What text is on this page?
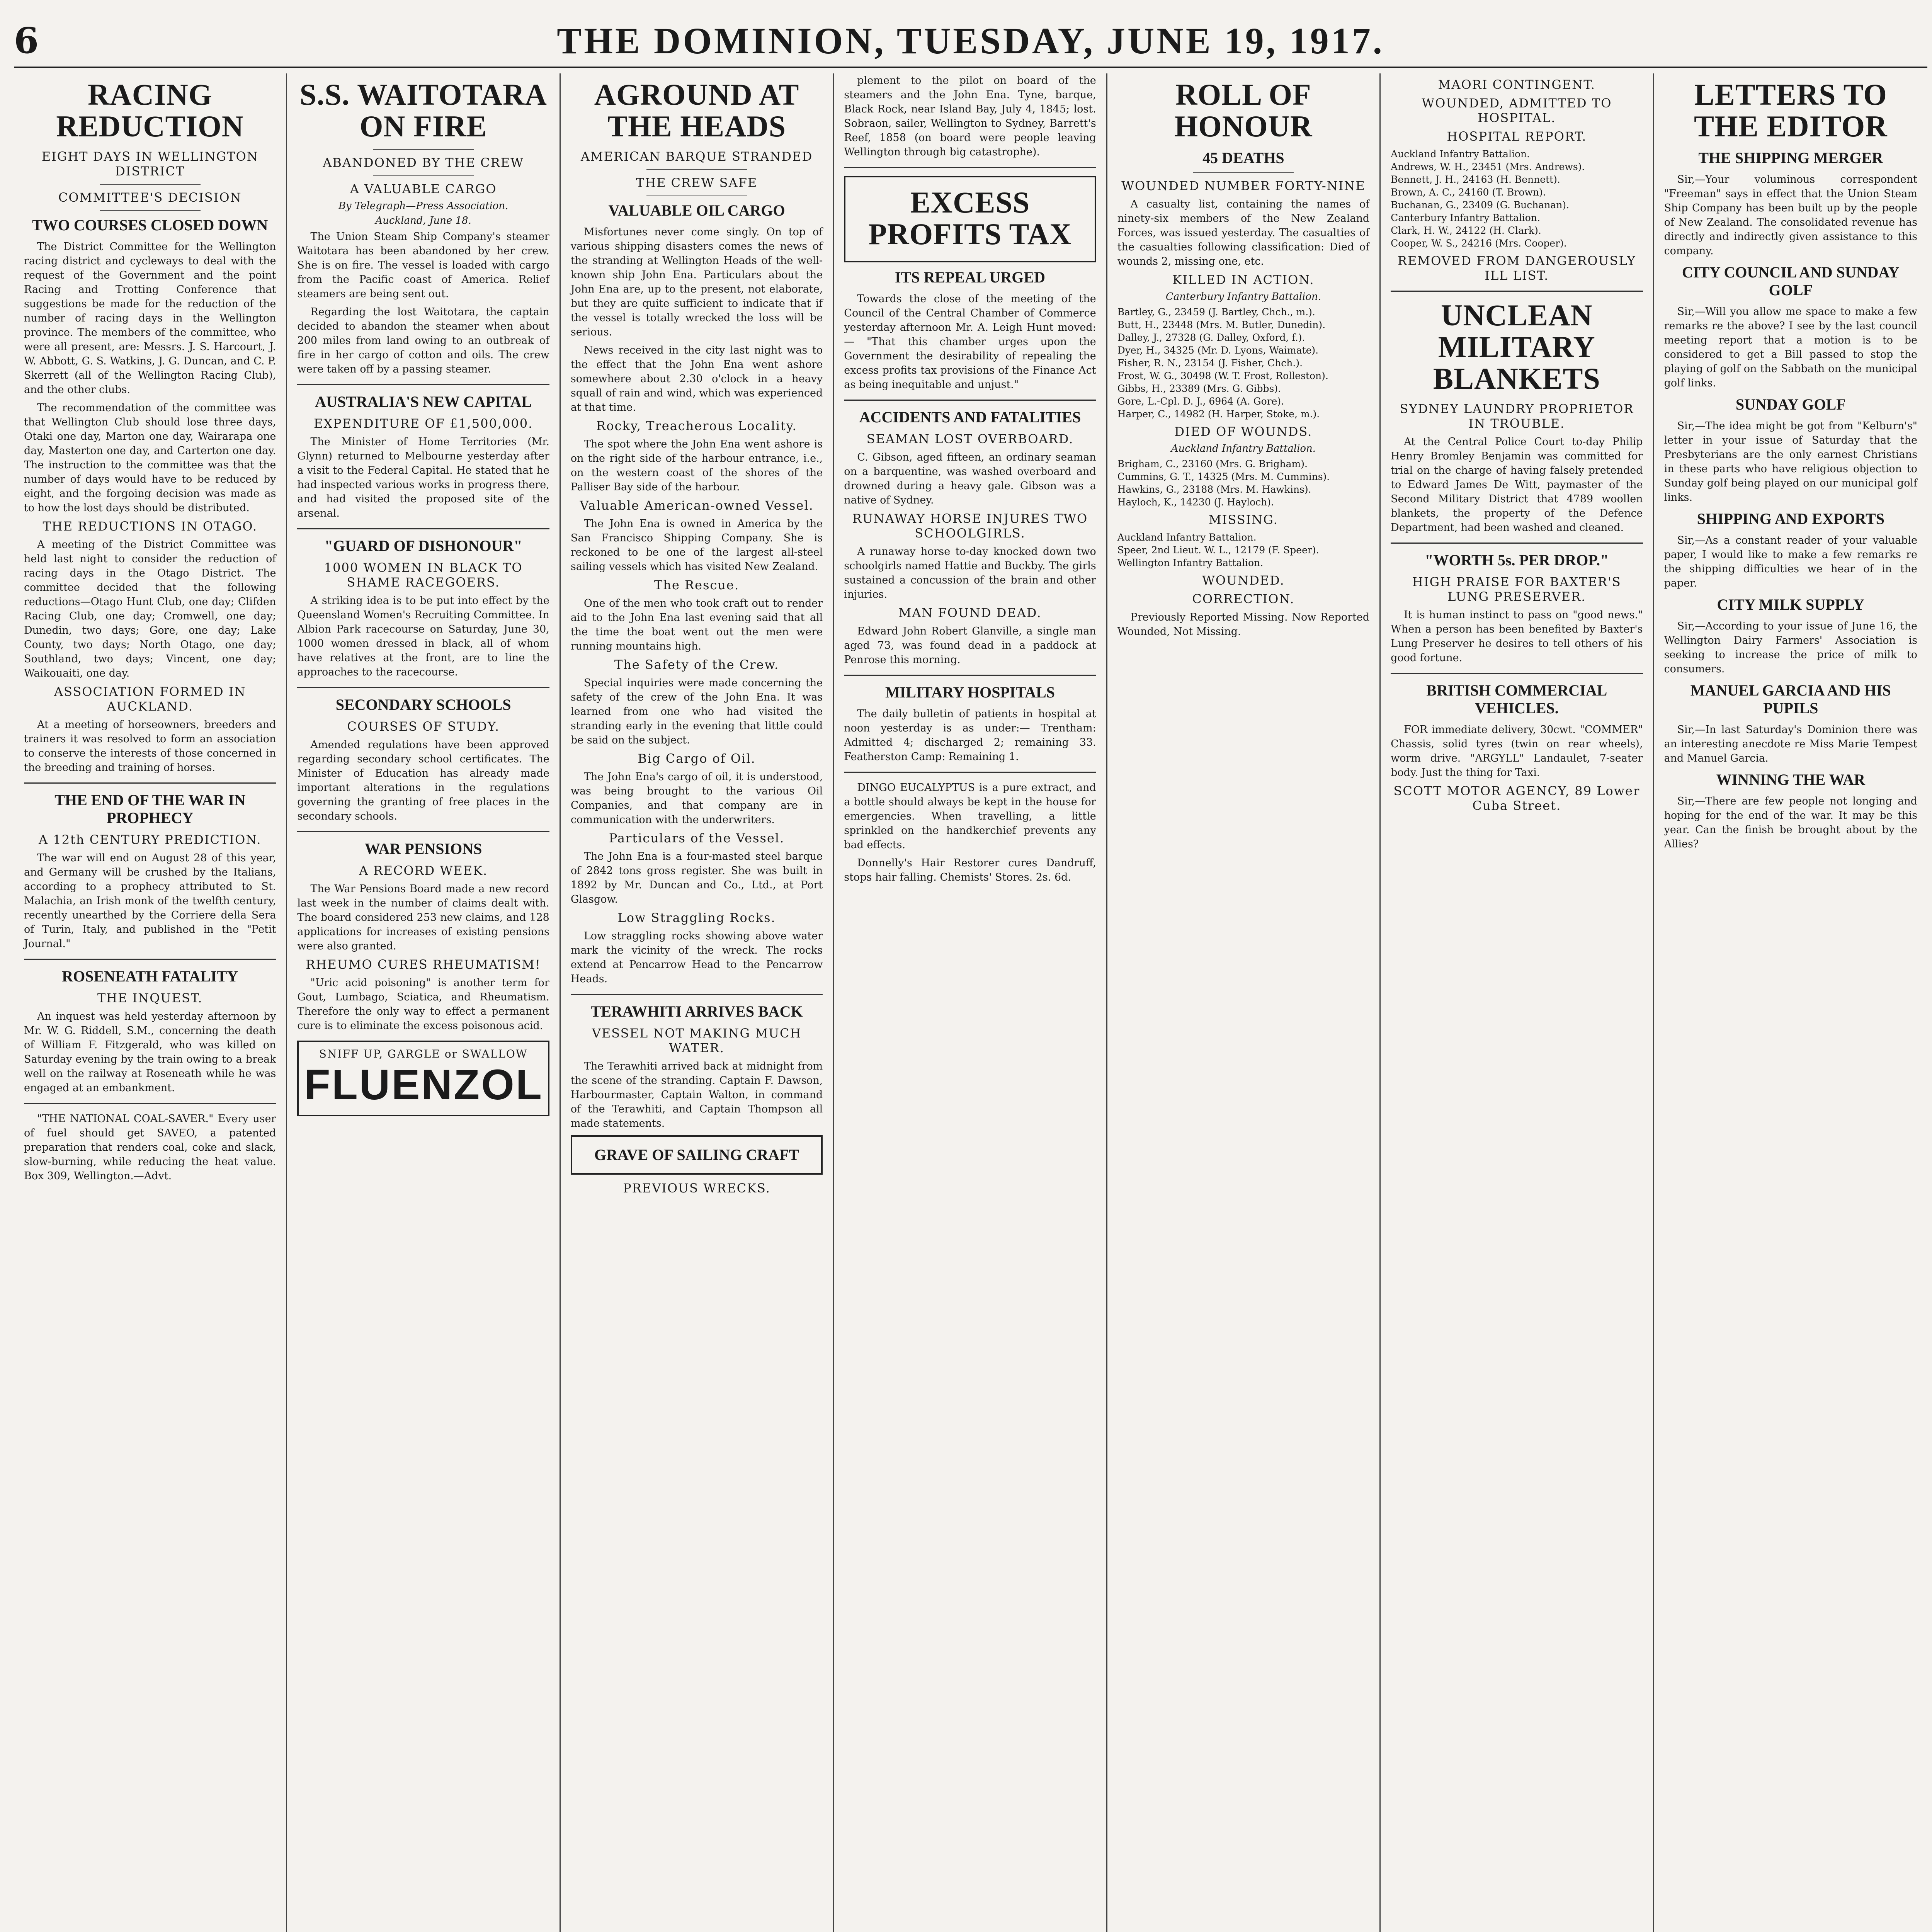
6	THE DOMINION, TUESDAY, JUNE 19, 1917.
RACING REDUCTION
EIGHT DAYS IN WELLINGTON DISTRICT
COMMITTEE'S DECISION
TWO COURSES CLOSED DOWN

The District Committee for the Wellington racing district and cycleways to deal with the request of the Government and the point Racing and Trotting Conference that suggestions be made for the reduction of the number of racing days in the Wellington province. The members of the committee, who were all present, are: Messrs. J. S. Harcourt, J. W. Abbott, G. S. Watkins, J. G. Duncan, and C. P. Skerrett (all of the Wellington Racing Club), and the other clubs.

The recommendation of the committee was that Wellington Club should lose three days, Otaki one day, Marton one day, Wairarapa one day, Masterton one day, and Carterton one day. The instruction to the committee was that the number of days would have to be reduced by eight, and the forgoing decision was made as to how the lost days should be distributed.

THE REDUCTIONS IN OTAGO.

A meeting of the District Committee was held last night to consider the reduction of racing days in the Otago District. The committee decided that the following reductions—Otago Hunt Club, one day; Clifden Racing Club, one day; Cromwell, one day; Dunedin, two days; Gore, one day; Lake County, two days; North Otago, one day; Southland, two days; Vincent, one day; Waikouaiti, one day.

ASSOCIATION FORMED IN AUCKLAND.

At a meeting of horseowners, breeders and trainers it was resolved to form an association to conserve the interests of those concerned in the breeding and training of horses.

THE END OF THE WAR IN PROPHECY
A 12th CENTURY PREDICTION.

The war will end on August 28 of this year, and Germany will be crushed by the Italians, according to a prophecy attributed to St. Malachia, an Irish monk of the twelfth century, recently unearthed by the Corriere della Sera of Turin, Italy, and published in the "Petit Journal."

ROSENEATH FATALITY
THE INQUEST.

An inquest was held yesterday afternoon by Mr. W. G. Riddell, S.M., concerning the death of William F. Fitzgerald, who was killed on Saturday evening by the train owing to a break well on the railway at Roseneath while he was engaged at an embankment.

"THE NATIONAL COAL-SAVER." Every user of fuel should get SAVEO, a patented preparation that renders coal, coke and slack, slow-burning, while reducing the heat value. Box 309, Wellington.—Advt.

S.S. WAITOTARA ON FIRE
ABANDONED BY THE CREW
A VALUABLE CARGO
By Telegraph—Press Association.
Auckland, June 18.

The Union Steam Ship Company's steamer Waitotara has been abandoned by her crew. She is on fire. The vessel is loaded with cargo from the Pacific coast of America. Relief steamers are being sent out.

Regarding the lost Waitotara, the captain decided to abandon the steamer when about 200 miles from land owing to an outbreak of fire in her cargo of cotton and oils. The crew were taken off by a passing steamer.

AUSTRALIA'S NEW CAPITAL
EXPENDITURE OF £1,500,000.

The Minister of Home Territories (Mr. Glynn) returned to Melbourne yesterday after a visit to the Federal Capital. He stated that he had inspected various works in progress there, and had visited the proposed site of the arsenal.

"GUARD OF DISHONOUR"
1000 WOMEN IN BLACK TO SHAME RACEGOERS.

A striking idea is to be put into effect by the Queensland Women's Recruiting Committee. In Albion Park racecourse on Saturday, June 30, 1000 women dressed in black, all of whom have relatives at the front, are to line the approaches to the racecourse.

SECONDARY SCHOOLS
COURSES OF STUDY.

Amended regulations have been approved regarding secondary school certificates. The Minister of Education has already made important alterations in the regulations governing the granting of free places in the secondary schools.

WAR PENSIONS
A RECORD WEEK.

The War Pensions Board made a new record last week in the number of claims dealt with. The board considered 253 new claims, and 128 applications for increases of existing pensions were also granted.

RHEUMO CURES RHEUMATISM!

"Uric acid poisoning" is another term for Gout, Lumbago, Sciatica, and Rheumatism. Therefore the only way to effect a permanent cure is to eliminate the excess poisonous acid.

SNIFF UP, GARGLE or SWALLOW
FLUENZOL
AGROUND AT THE HEADS
AMERICAN BARQUE STRANDED
THE CREW SAFE
VALUABLE OIL CARGO

Misfortunes never come singly. On top of various shipping disasters comes the news of the stranding at Wellington Heads of the well-known ship John Ena. Particulars about the John Ena are, up to the present, not elaborate, but they are quite sufficient to indicate that if the vessel is totally wrecked the loss will be serious.

News received in the city last night was to the effect that the John Ena went ashore somewhere about 2.30 o'clock in a heavy squall of rain and wind, which was experienced at that time.

Rocky, Treacherous Locality.

The spot where the John Ena went ashore is on the right side of the harbour entrance, i.e., on the western coast of the shores of the Palliser Bay side of the harbour.

Valuable American-owned Vessel.

The John Ena is owned in America by the San Francisco Shipping Company. She is reckoned to be one of the largest all-steel sailing vessels which has visited New Zealand.

The Rescue.

One of the men who took craft out to render aid to the John Ena last evening said that all the time the boat went out the men were running mountains high.

The Safety of the Crew.

Special inquiries were made concerning the safety of the crew of the John Ena. It was learned from one who had visited the stranding early in the evening that little could be said on the subject.

Big Cargo of Oil.

The John Ena's cargo of oil, it is understood, was being brought to the various Oil Companies, and that company are in communication with the underwriters.

Particulars of the Vessel.

The John Ena is a four-masted steel barque of 2842 tons gross register. She was built in 1892 by Mr. Duncan and Co., Ltd., at Port Glasgow.

Low Straggling Rocks.

Low straggling rocks showing above water mark the vicinity of the wreck. The rocks extend at Pencarrow Head to the Pencarrow Heads.

TERAWHITI ARRIVES BACK
VESSEL NOT MAKING MUCH WATER.

The Terawhiti arrived back at midnight from the scene of the stranding. Captain F. Dawson, Harbourmaster, Captain Walton, in command of the Terawhiti, and Captain Thompson all made statements.

GRAVE OF SAILING CRAFT
PREVIOUS WRECKS.

plement to the pilot on board of the steamers and the John Ena. Tyne, barque, Black Rock, near Island Bay, July 4, 1845; lost. Sobraon, sailer, Wellington to Sydney, Barrett's Reef, 1858 (on board were people leaving Wellington through big catastrophe).

EXCESS PROFITS TAX
ITS REPEAL URGED

Towards the close of the meeting of the Council of the Central Chamber of Commerce yesterday afternoon Mr. A. Leigh Hunt moved:— "That this chamber urges upon the Government the desirability of repealing the excess profits tax provisions of the Finance Act as being inequitable and unjust."

ACCIDENTS AND FATALITIES
SEAMAN LOST OVERBOARD.

C. Gibson, aged fifteen, an ordinary seaman on a barquentine, was washed overboard and drowned during a heavy gale. Gibson was a native of Sydney.

RUNAWAY HORSE INJURES TWO SCHOOLGIRLS.

A runaway horse to-day knocked down two schoolgirls named Hattie and Buckby. The girls sustained a concussion of the brain and other injuries.

MAN FOUND DEAD.

Edward John Robert Glanville, a single man aged 73, was found dead in a paddock at Penrose this morning.

MILITARY HOSPITALS

The daily bulletin of patients in hospital at noon yesterday is as under:— Trentham: Admitted 4; discharged 2; remaining 33. Featherston Camp: Remaining 1.

DINGO EUCALYPTUS is a pure extract, and a bottle should always be kept in the house for emergencies. When travelling, a little sprinkled on the handkerchief prevents any bad effects.

Donnelly's Hair Restorer cures Dandruff, stops hair falling. Chemists' Stores. 2s. 6d.

ROLL OF HONOUR
45 DEATHS
WOUNDED NUMBER FORTY-NINE

A casualty list, containing the names of ninety-six members of the New Zealand Forces, was issued yesterday. The casualties of the casualties following classification: Died of wounds 2, missing one, etc.

KILLED IN ACTION.
Canterbury Infantry Battalion.

Bartley, G., 23459 (J. Bartley, Chch., m.).

Butt, H., 23448 (Mrs. M. Butler, Dunedin).

Dalley, J., 27328 (G. Dalley, Oxford, f.).

Dyer, H., 34325 (Mr. D. Lyons, Waimate).

Fisher, R. N., 23154 (J. Fisher, Chch.).

Frost, W. G., 30498 (W. T. Frost, Rolleston).

Gibbs, H., 23389 (Mrs. G. Gibbs).

Gore, L.-Cpl. D. J., 6964 (A. Gore).

Harper, C., 14982 (H. Harper, Stoke, m.).

DIED OF WOUNDS.
Auckland Infantry Battalion.

Brigham, C., 23160 (Mrs. G. Brigham).

Cummins, G. T., 14325 (Mrs. M. Cummins).

Hawkins, G., 23188 (Mrs. M. Hawkins).

Hayloch, K., 14230 (J. Hayloch).

MISSING.

Auckland Infantry Battalion.

Speer, 2nd Lieut. W. L., 12179 (F. Speer).

Wellington Infantry Battalion.

WOUNDED.
CORRECTION.

Previously Reported Missing. Now Reported Wounded, Not Missing.

MAORI CONTINGENT.
WOUNDED, ADMITTED TO HOSPITAL.
HOSPITAL REPORT.

Auckland Infantry Battalion.

Andrews, W. H., 23451 (Mrs. Andrews).

Bennett, J. H., 24163 (H. Bennett).

Brown, A. C., 24160 (T. Brown).

Buchanan, G., 23409 (G. Buchanan).

Canterbury Infantry Battalion.

Clark, H. W., 24122 (H. Clark).

Cooper, W. S., 24216 (Mrs. Cooper).

REMOVED FROM DANGEROUSLY ILL LIST.
UNCLEAN MILITARY BLANKETS
SYDNEY LAUNDRY PROPRIETOR IN TROUBLE.

At the Central Police Court to-day Philip Henry Bromley Benjamin was committed for trial on the charge of having falsely pretended to Edward James De Witt, paymaster of the Second Military District that 4789 woollen blankets, the property of the Defence Department, had been washed and cleaned.

"WORTH 5s. PER DROP."
HIGH PRAISE FOR BAXTER'S LUNG PRESERVER.

It is human instinct to pass on "good news." When a person has been benefited by Baxter's Lung Preserver he desires to tell others of his good fortune.

BRITISH COMMERCIAL VEHICLES.

FOR immediate delivery, 30cwt. "COMMER" Chassis, solid tyres (twin on rear wheels), worm drive. "ARGYLL" Landaulet, 7-seater body. Just the thing for Taxi.

SCOTT MOTOR AGENCY, 89 Lower Cuba Street.
LETTERS TO THE EDITOR
THE SHIPPING MERGER

Sir,—Your voluminous correspondent "Freeman" says in effect that the Union Steam Ship Company has been built up by the people of New Zealand. The consolidated revenue has directly and indirectly given assistance to this company.

CITY COUNCIL AND SUNDAY GOLF

Sir,—Will you allow me space to make a few remarks re the above? I see by the last council meeting report that a motion is to be considered to get a Bill passed to stop the playing of golf on the Sabbath on the municipal golf links.

SUNDAY GOLF

Sir,—The idea might be got from "Kelburn's" letter in your issue of Saturday that the Presbyterians are the only earnest Christians in these parts who have religious objection to Sunday golf being played on our municipal golf links.

SHIPPING AND EXPORTS

Sir,—As a constant reader of your valuable paper, I would like to make a few remarks re the shipping difficulties we hear of in the paper.

CITY MILK SUPPLY

Sir,—According to your issue of June 16, the Wellington Dairy Farmers' Association is seeking to increase the price of milk to consumers.

MANUEL GARCIA AND HIS PUPILS

Sir,—In last Saturday's Dominion there was an interesting anecdote re Miss Marie Tempest and Manuel Garcia.

WINNING THE WAR

Sir,—There are few people not longing and hoping for the end of the war. It may be this year. Can the finish be brought about by the Allies?
